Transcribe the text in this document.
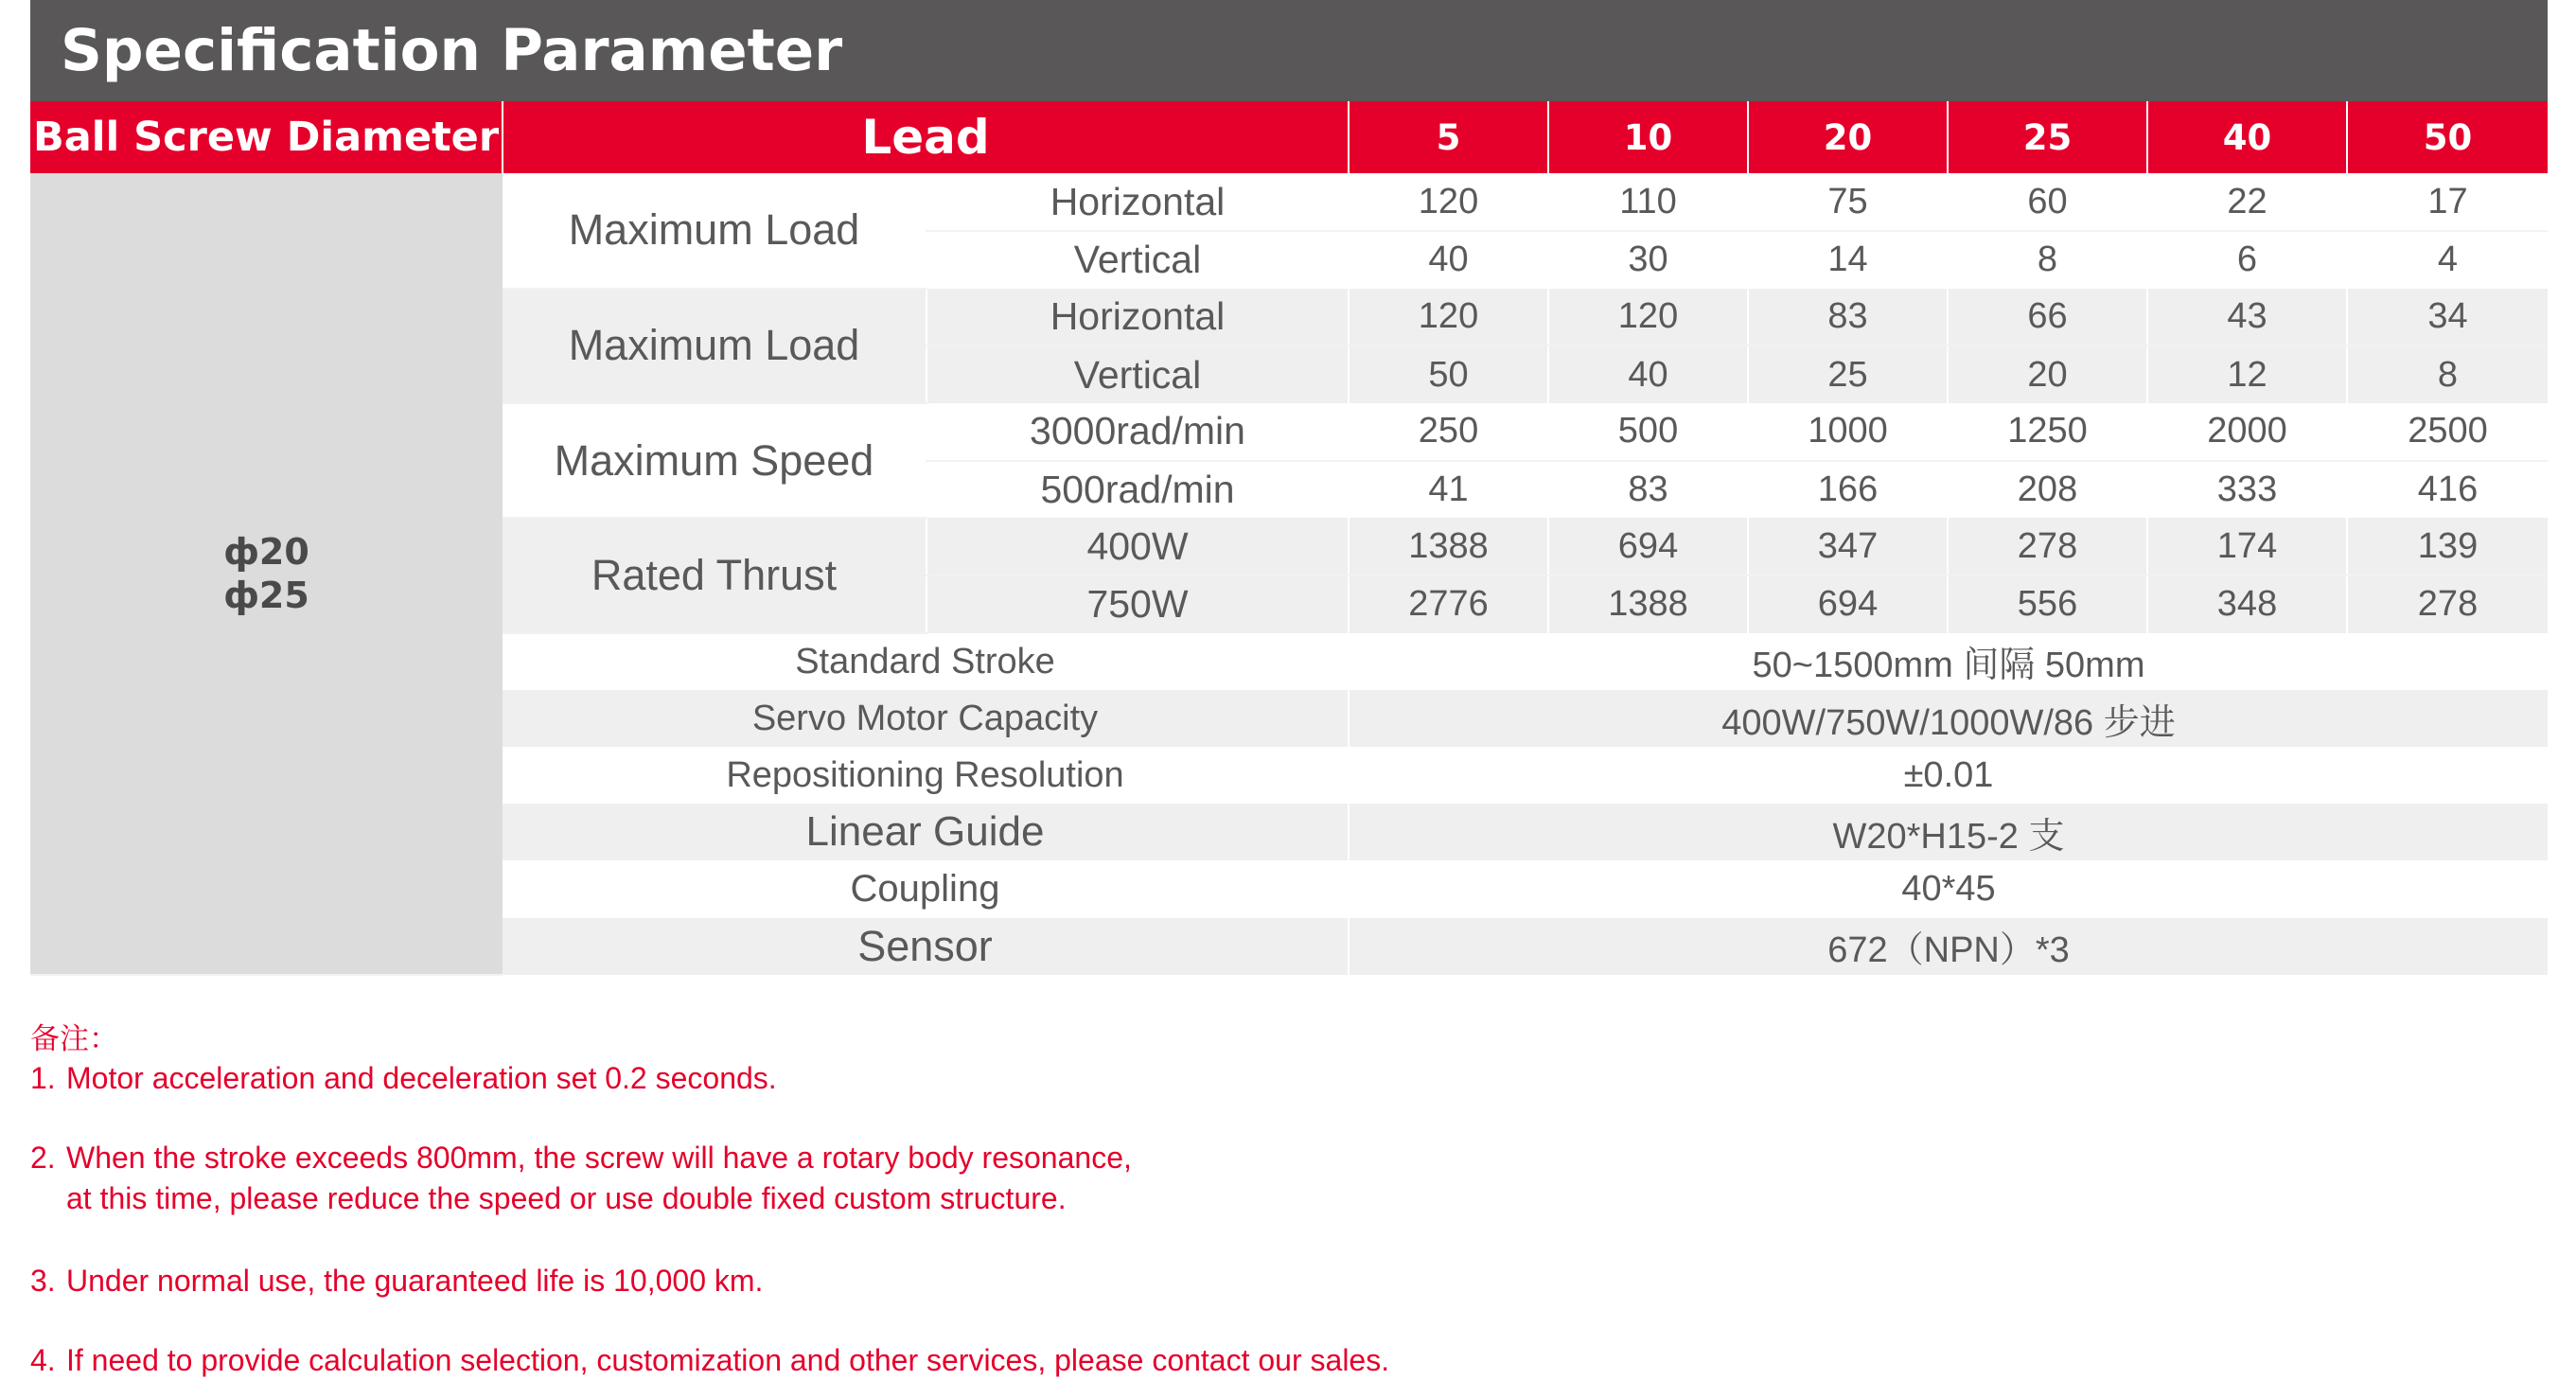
Specification Parameter
Ball Screw Diameter	Lead		5	10	20	25	40	50

ф20
ф25	Maximum Load	Horizontal	120	110	75	60	22	17
		Vertical	40	30	14	8	6	4
	Maximum Load	Horizontal	120	120	83	66	43	34
		Vertical	50	40	25	20	12	8
	Maximum Speed	3000rad/min	250	500	1000	1250	2000	2500
		500rad/min	41	83	166	208	333	416
	Rated Thrust	400W	1388	694	347	278	174	139
		750W	2776	1388	694	556	348	278
	Standard Stroke		50~1500mm 间隔 50mm					
	Servo Motor Capacity		400W/750W/1000W/86 步进					
	Repositioning Resolution		±0.01					
	Linear Guide		W20*H15-2 支					
	Coupling		40*45					
	Sensor		672（NPN）*3					
备注：
1. Motor acceleration and deceleration set 0.2 seconds.
2. When the stroke exceeds 800mm, the screw will have a rotary body resonance,
at this time, please reduce the speed or use double fixed custom structure.
3. Under normal use, the guaranteed life is 10,000 km.
4. If need to provide calculation selection, customization and other services, please contact our sales.
